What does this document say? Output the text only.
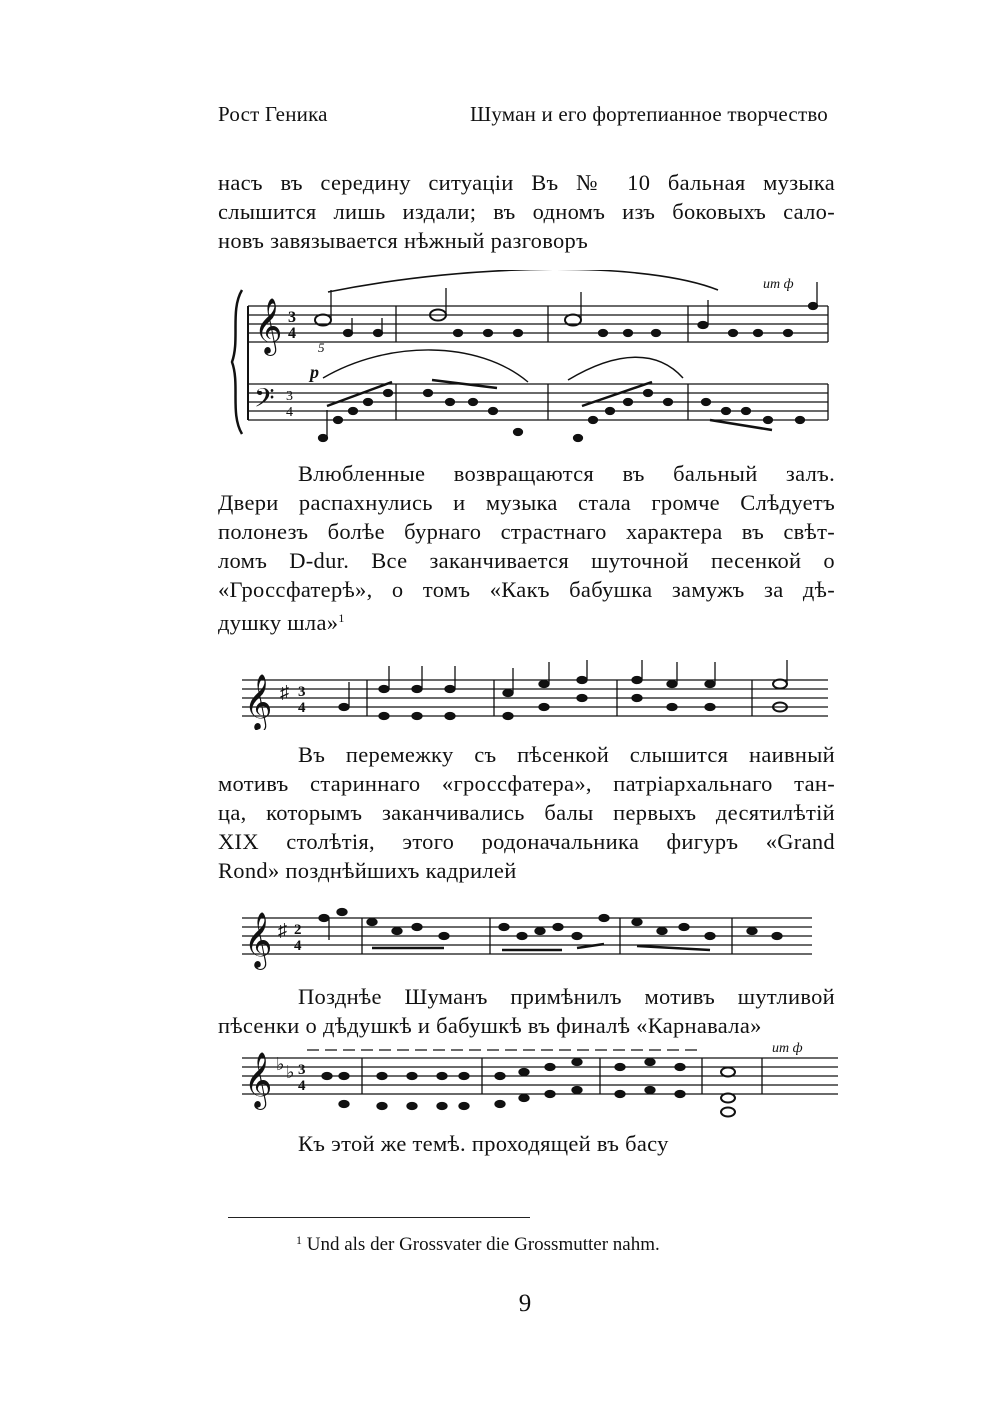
Рост Геника	Шуман и его фортепианное творчество
насъ въ середину ситуаціи Въ № 10 бальная музыка
слышится лишь издали; въ одномъ изъ боковыхъ сало-
новъ завязывается нѣжный разговоръ
𝄞
𝄢
3
4
3
4
ит ф
p
5
Влюбленные возвращаются въ бальный залъ.
Двери распахнулись и музыка стала громче Слѣдуетъ
полонезъ болѣе бурнаго страстнаго характера въ свѣт-
ломъ D-dur. Все заканчивается шуточной песенкой о
«Гроссфатерѣ», о томъ «Какъ бабушка замужъ за дѣ-
душку шла»$^1$
𝄞 ♯ 3
4
Въ перемежку съ пѣсенкой слышится наивный
мотивъ стариннаго «гроссфатера», патріархальнаго тан-
ца, которымъ заканчивались балы первыхъ десятилѣтій
XIX столѣтія, этого родоначальника фигуръ «Grand
Rond» позднѣйшихъ кадрилей
𝄞 ♯ 2
4
Позднѣе Шуманъ примѣнилъ мотивъ шутливой
пѣсенки о дѣдушкѣ и бабушкѣ въ финалѣ «Карнавала»
𝄞 ♭ ♭ 3
4
ит ф
Къ этой же темѣ. проходящей въ басу
$^1$ Und als der Grossvater die Grossmutter nahm.
9
